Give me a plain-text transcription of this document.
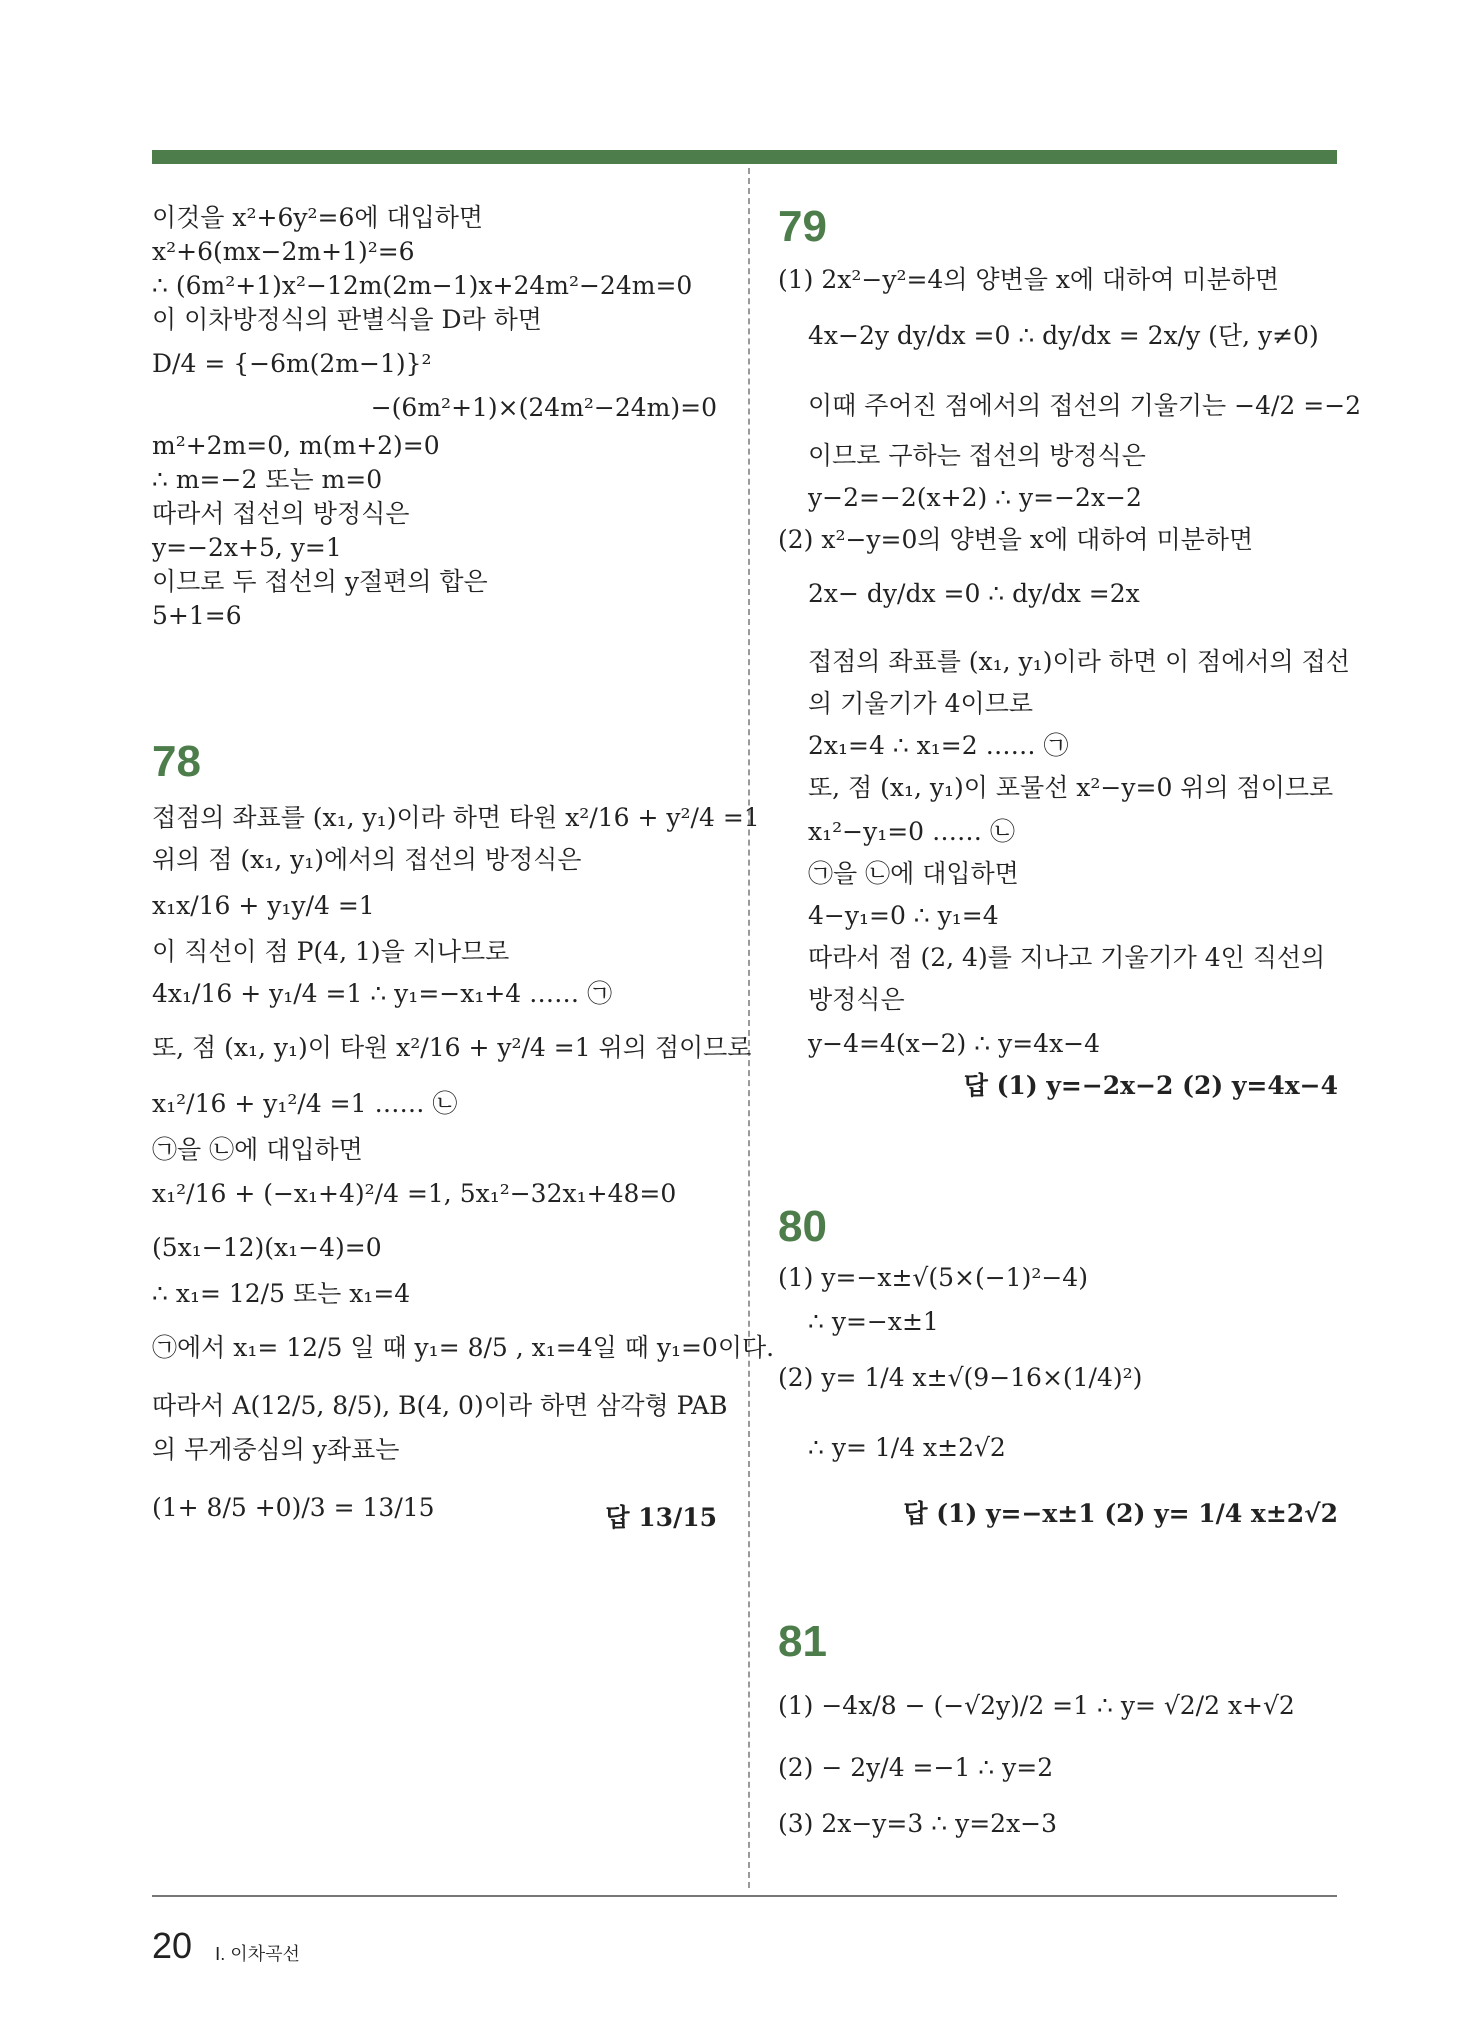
이것을 x²+6y²=6에 대입하면
x²+6(mx−2m+1)²=6
∴ (6m²+1)x²−12m(2m−1)x+24m²−24m=0
이 이차방정식의 판별식을 D라 하면
D/4 = {−6m(2m−1)}²
−(6m²+1)×(24m²−24m)=0
m²+2m=0, m(m+2)=0
∴ m=−2 또는 m=0
따라서 접선의 방정식은
y=−2x+5, y=1
이므로 두 접선의 y절편의 합은
5+1=6
78
접점의 좌표를 (x₁, y₁)이라 하면 타원 x²/16 + y²/4 =1
위의 점 (x₁, y₁)에서의 접선의 방정식은
x₁x/16 + y₁y/4 =1
이 직선이 점 P(4, 1)을 지나므로
4x₁/16 + y₁/4 =1 ∴ y₁=−x₁+4 …… ㉠
또, 점 (x₁, y₁)이 타원 x²/16 + y²/4 =1 위의 점이므로
x₁²/16 + y₁²/4 =1 …… ㉡
㉠을 ㉡에 대입하면
x₁²/16 + (−x₁+4)²/4 =1, 5x₁²−32x₁+48=0
(5x₁−12)(x₁−4)=0
∴ x₁= 12/5 또는 x₁=4
㉠에서 x₁= 12/5 일 때 y₁= 8/5 , x₁=4일 때 y₁=0이다.
따라서 A(12/5, 8/5), B(4, 0)이라 하면 삼각형 PAB
의 무게중심의 y좌표는
(1+ 8/5 +0)/3 = 13/15	답 13/15
79
(1) 2x²−y²=4의 양변을 x에 대하여 미분하면
4x−2y dy/dx =0 ∴ dy/dx = 2x/y (단, y≠0)
이때 주어진 점에서의 접선의 기울기는 −4/2 =−2
이므로 구하는 접선의 방정식은
y−2=−2(x+2) ∴ y=−2x−2
(2) x²−y=0의 양변을 x에 대하여 미분하면
2x− dy/dx =0 ∴ dy/dx =2x
접점의 좌표를 (x₁, y₁)이라 하면 이 점에서의 접선
의 기울기가 4이므로
2x₁=4 ∴ x₁=2 …… ㉠
또, 점 (x₁, y₁)이 포물선 x²−y=0 위의 점이므로
x₁²−y₁=0 …… ㉡
㉠을 ㉡에 대입하면
4−y₁=0 ∴ y₁=4
따라서 점 (2, 4)를 지나고 기울기가 4인 직선의
방정식은
y−4=4(x−2) ∴ y=4x−4
답 (1) y=−2x−2 (2) y=4x−4
80
(1) y=−x±√(5×(−1)²−4)
∴ y=−x±1
(2) y= 1/4 x±√(9−16×(1/4)²)
∴ y= 1/4 x±2√2
답 (1) y=−x±1 (2) y= 1/4 x±2√2
81
(1) −4x/8 − (−√2y)/2 =1 ∴ y= √2/2 x+√2
(2) − 2y/4 =−1 ∴ y=2
(3) 2x−y=3 ∴ y=2x−3
20 Ⅰ. 이차곡선
